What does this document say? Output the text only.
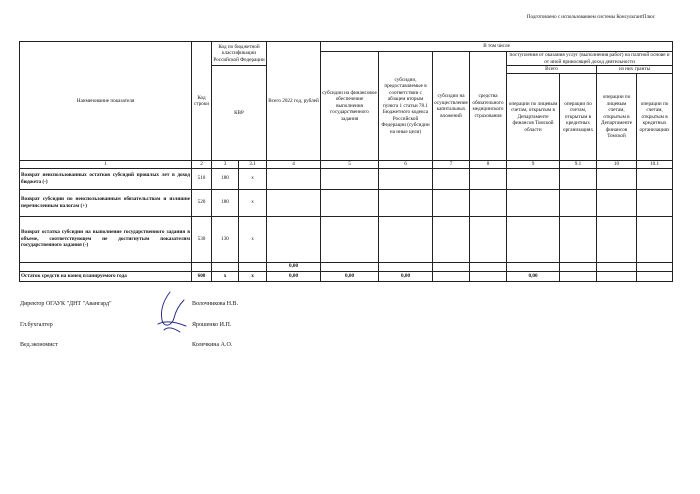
Подготовлено с использованием системы КонсультантПлюс
Наименование показателя	Код строки	Код по бюджетной классификации Российской Федерации		Всего 2022 год, рублей	В том числе							
					субсидии на финансовое обеспечение выполнения государственного задания	субсидии, предоставляемые в соответствии с абзацем вторым пункта 1 статьи 78.1 Бюджетного кодекса Российской Федерации (субсидии на иные цели)	субсидии на осуществление капитальных вложений	средства обязательного медицинского страхования	поступления от оказания услуг (выполнения работ) на платной основе и от иной приносящей доход деятельности			
		КВР							Всего		из них гранты	
									операции по лицевым счетам, открытым в Департаменте финансов Томской области	операции по счетам, открытым в кредитных организациях	операции по лицевым счетам, открытым в Департаменте финансов Томской	операции по счетам, открытым в кредитных организациях
1	2	3	3.1	4	5	6	7	8	9	9.1	10	10.1
Возврат неиспользованных остатков субсидий прошлых лет в доход бюджета (-)	510	180	x									
Возврат субсидии по неиспользованным обязательствам и излишне перечисленным налогам (+)	520	180	x									
Возврат остатка субсидии на выполнение государственного задания в объеме, соответствующем не достигнутым показателям государственного задания (-)	530	130	x									
				0,00								
Остаток средств на конец планируемого года	600	x	x	0,00	0,00	0,00			0,00			
Директор ОГАУК "ДНТ "Авангард"	Волочникова Н.В.
Гл.бухгалтер	Ярошенко И.П.
Вед.экономист	Колечкина А.О.
